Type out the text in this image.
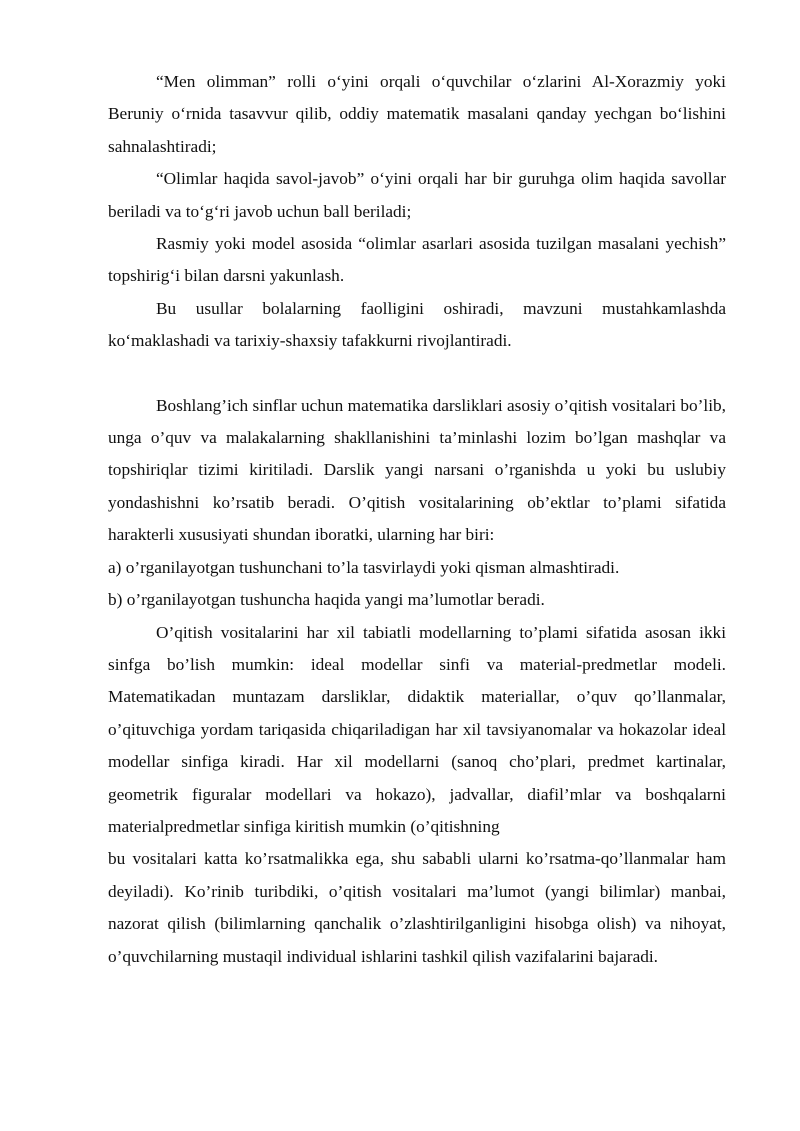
“Men olimman” rolli o‘yini orqali o‘quvchilar o‘zlarini Al-Xorazmiy yoki Beruniy o‘rnida tasavvur qilib, oddiy matematik masalani qanday yechgan bo‘lishini sahnalashtiradi;

“Olimlar haqida savol-javob” o‘yini orqali har bir guruhga olim haqida savollar beriladi va to‘g‘ri javob uchun ball beriladi;

Rasmiy yoki model asosida “olimlar asarlari asosida tuzilgan masalani yechish” topshirig‘i bilan darsni yakunlash.

Bu usullar bolalarning faolligini oshiradi, mavzuni mustahkamlashda ko‘maklashadi va tarixiy-shaxsiy tafakkurni rivojlantiradi.

Boshlang’ich sinflar uchun matematika darsliklari asosiy o’qitish vositalari bo’lib, unga o’quv va malakalarning shakllanishini ta’minlashi lozim bo’lgan mashqlar va topshiriqlar tizimi kiritiladi. Darslik yangi narsani o’rganishda u yoki bu uslubiy yondashishni ko’rsatib beradi. O’qitish vositalarining ob’ektlar to’plami sifatida harakterli xususiyati shundan iboratki, ularning har biri:

a) o’rganilayotgan tushunchani to’la tasvirlaydi yoki qisman almashtiradi.

b) o’rganilayotgan tushuncha haqida yangi ma’lumotlar beradi.

O’qitish vositalarini har xil tabiatli modellarning to’plami sifatida asosan ikki sinfga bo’lish mumkin: ideal modellar sinfi va material-predmetlar modeli. Matematikadan muntazam darsliklar, didaktik materiallar, o’quv qo’llanmalar, o’qituvchiga yordam tariqasida chiqariladigan har xil tavsiyanomalar va hokazolar ideal modellar sinfiga kiradi. Har xil modellarni (sanoq cho’plari, predmet kartinalar, geometrik figuralar modellari va hokazo), jadvallar, diafil’mlar va boshqalarni materialpredmetlar sinfiga kiritish mumkin (o’qitishning

bu vositalari katta ko’rsatmalikka ega, shu sababli ularni ko’rsatma-qo’llanmalar ham deyiladi). Ko’rinib turibdiki, o’qitish vositalari ma’lumot (yangi bilimlar) manbai, nazorat qilish (bilimlarning qanchalik o’zlashtirilganligini hisobga olish) va nihoyat, o’quvchilarning mustaqil individual ishlarini tashkil qilish vazifalarini bajaradi.
